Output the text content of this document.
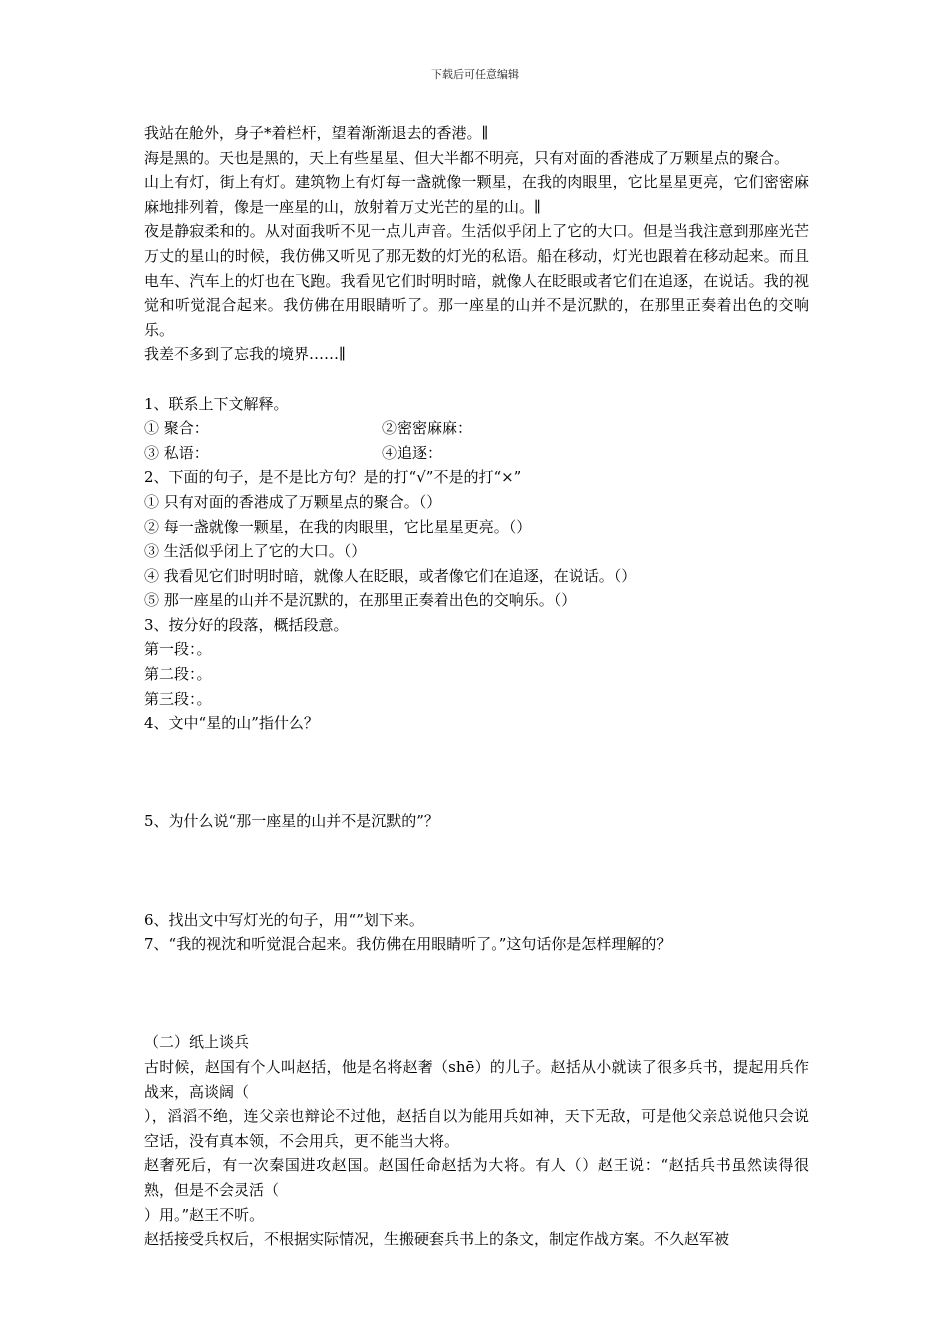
下载后可任意编辑

我站在舱外，身子*着栏杆，望着渐渐退去的香港。∥

海是黑的。天也是黑的，天上有些星星、但大半都不明亮，只有对面的香港成了万颗星点的聚合。

山上有灯，街上有灯。建筑物上有灯每一盏就像一颗星，在我的肉眼里，它比星星更亮，它们密密麻麻地排列着，像是一座星的山，放射着万丈光芒的星的山。∥

夜是静寂柔和的。从对面我听不见一点儿声音。生活似乎闭上了它的大口。但是当我注意到那座光芒万丈的星山的时候，我仿佛又听见了那无数的灯光的私语。船在移动，灯光也跟着在移动起来。而且电车、汽车上的灯也在飞跑。我看见它们时明时暗，就像人在眨眼或者它们在追逐，在说话。我的视觉和听觉混合起来。我仿佛在用眼睛听了。那一座星的山并不是沉默的，在那里正奏着出色的交响乐。

我差不多到了忘我的境界……∥

1、联系上下文解释。

① 聚合：	②密密麻麻：
③ 私语：	④追逐：

2、下面的句子，是不是比方句？是的打“√”不是的打“×”

① 只有对面的香港成了万颗星点的聚合。（）

② 每一盏就像一颗星，在我的肉眼里，它比星星更亮。（）

③ 生活似乎闭上了它的大口。（）

④ 我看见它们时明时暗，就像人在眨眼，或者像它们在追逐，在说话。（）

⑤ 那一座星的山并不是沉默的，在那里正奏着出色的交响乐。（）

3、按分好的段落，概括段意。

第一段：。

第二段：。

第三段：。

4、文中“星的山”指什么？

5、为什么说“那一座星的山并不是沉默的”？

6、找出文中写灯光的句子，用“”划下来。

7、“我的视沈和听觉混合起来。我仿佛在用眼睛听了。”这句话你是怎样理解的？

（二）纸上谈兵

古时候，赵国有个人叫赵括，他是名将赵奢（shē）的儿子。赵括从小就读了很多兵书，提起用兵作战来，高谈阔（

），滔滔不绝，连父亲也辩论不过他，赵括自以为能用兵如神，天下无敌，可是他父亲总说他只会说空话，没有真本领，不会用兵，更不能当大将。

赵奢死后，有一次秦国进攻赵国。赵国任命赵括为大将。有人（）赵王说：“赵括兵书虽然读得很熟，但是不会灵活（

）用。”赵王不听。

赵括接受兵权后，不根据实际情况，生搬硬套兵书上的条文，制定作战方案。不久赵军被
